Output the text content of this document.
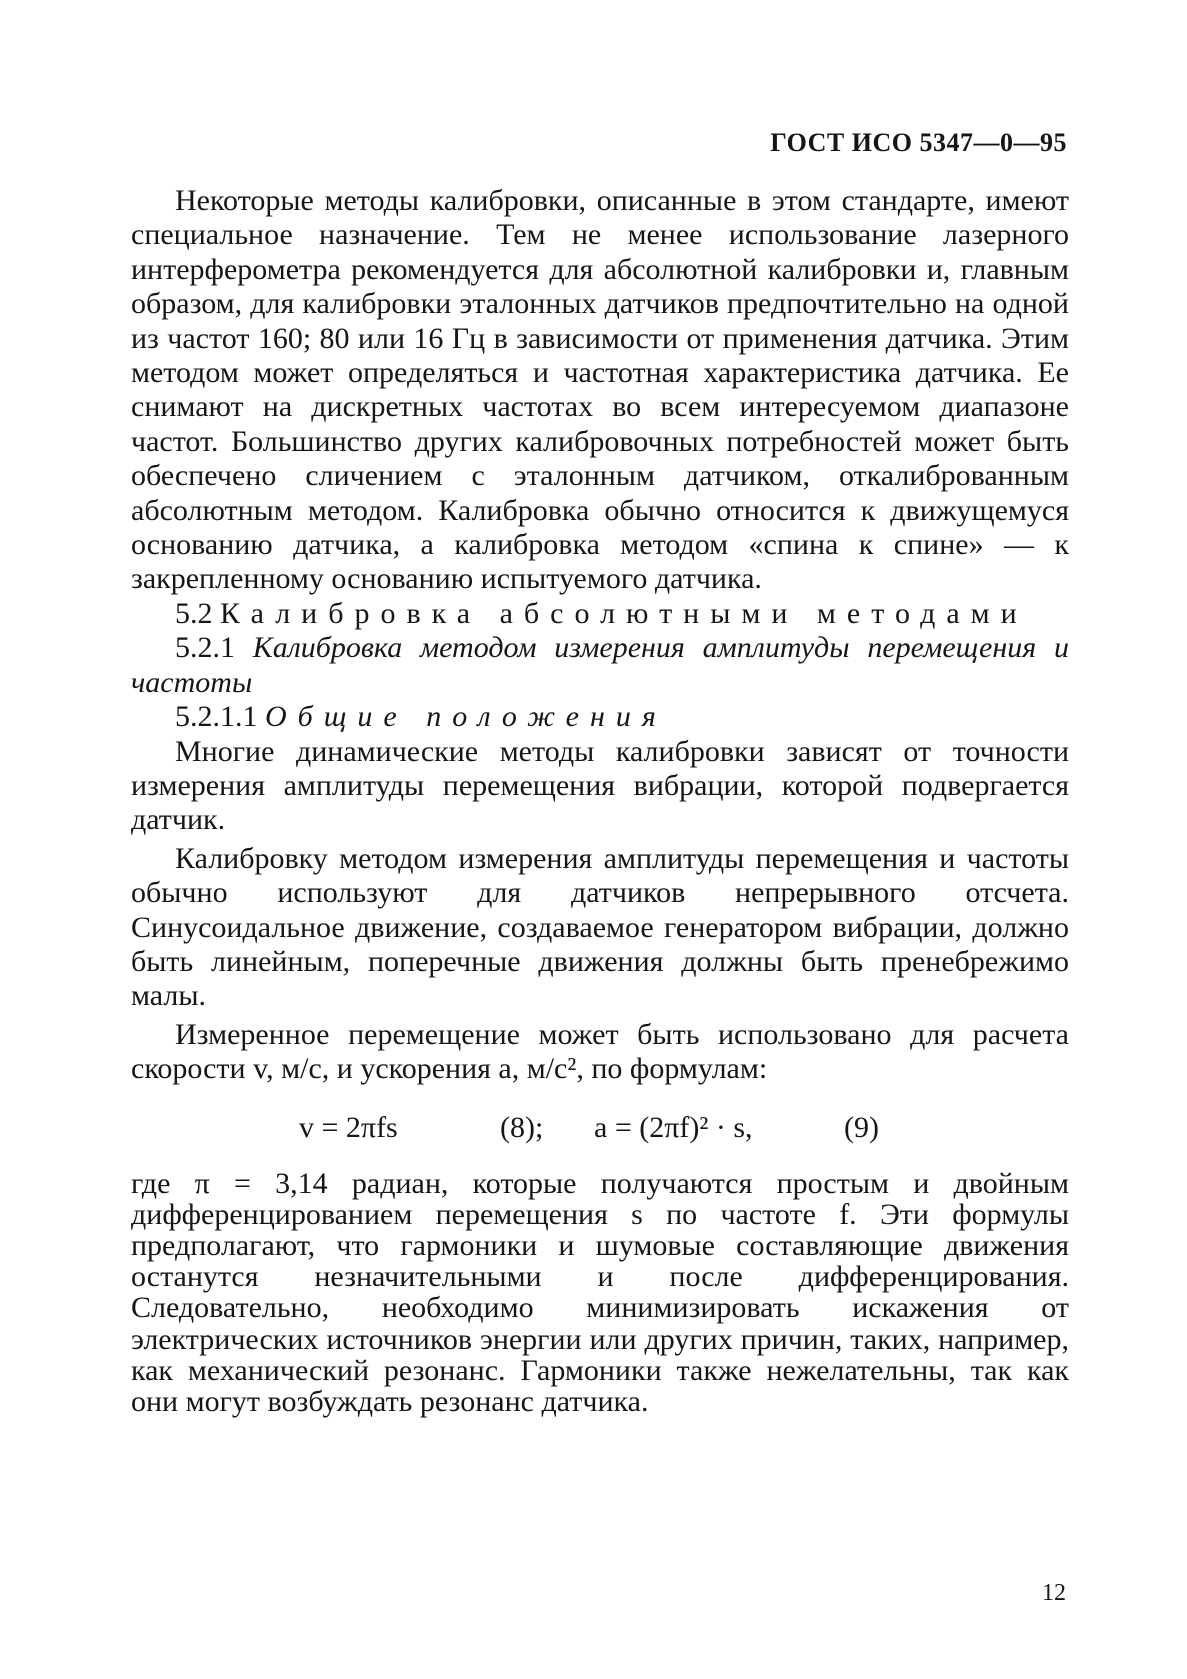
ГОСТ ИСО 5347—0—95

Некоторые методы калибровки, описанные в этом стандарте, имеют специальное назначение. Тем не менее использование лазерного интерферометра рекомендуется для абсолютной калибровки и, главным образом, для калибровки эталонных датчиков предпочтительно на одной из частот 160; 80 или 16 Гц в зависимости от применения датчика. Этим методом может определяться и частотная характеристика датчика. Ее снимают на дискретных частотах во всем интересуемом диапазоне частот. Большинство других калибровочных потребностей может быть обеспечено сличением с эталонным датчиком, откалиброванным абсолютным методом. Калибровка обычно относится к движущемуся основанию датчика, а калибровка методом «спина к спине» — к закрепленному основанию испытуемого датчика.

5.2 Калибровка абсолютными методами

5.2.1 Калибровка методом измерения амплитуды перемещения и частоты

5.2.1.1 Общие положения

Многие динамические методы калибровки зависят от точности измерения амплитуды перемещения вибрации, которой подвергается датчик.

Калибровку методом измерения амплитуды перемещения и частоты обычно используют для датчиков непрерывного отсчета. Синусоидальное движение, создаваемое генератором вибрации, должно быть линейным, поперечные движения должны быть пренебрежимо малы.

Измеренное перемещение может быть использовано для расчета скорости v, м/с, и ускорения a, м/с², по формулам:

v = 2πfs	(8); a = (2πf)² · s,	(9)

где π = 3,14 радиан, которые получаются простым и двойным дифференцированием перемещения s по частоте f. Эти формулы предполагают, что гармоники и шумовые составляющие движения останутся незначительными и после дифференцирования. Следовательно, необходимо минимизировать искажения от электрических источников энергии или других причин, таких, например, как механический резонанс. Гармоники также нежелательны, так как они могут возбуждать резонанс датчика.

12
